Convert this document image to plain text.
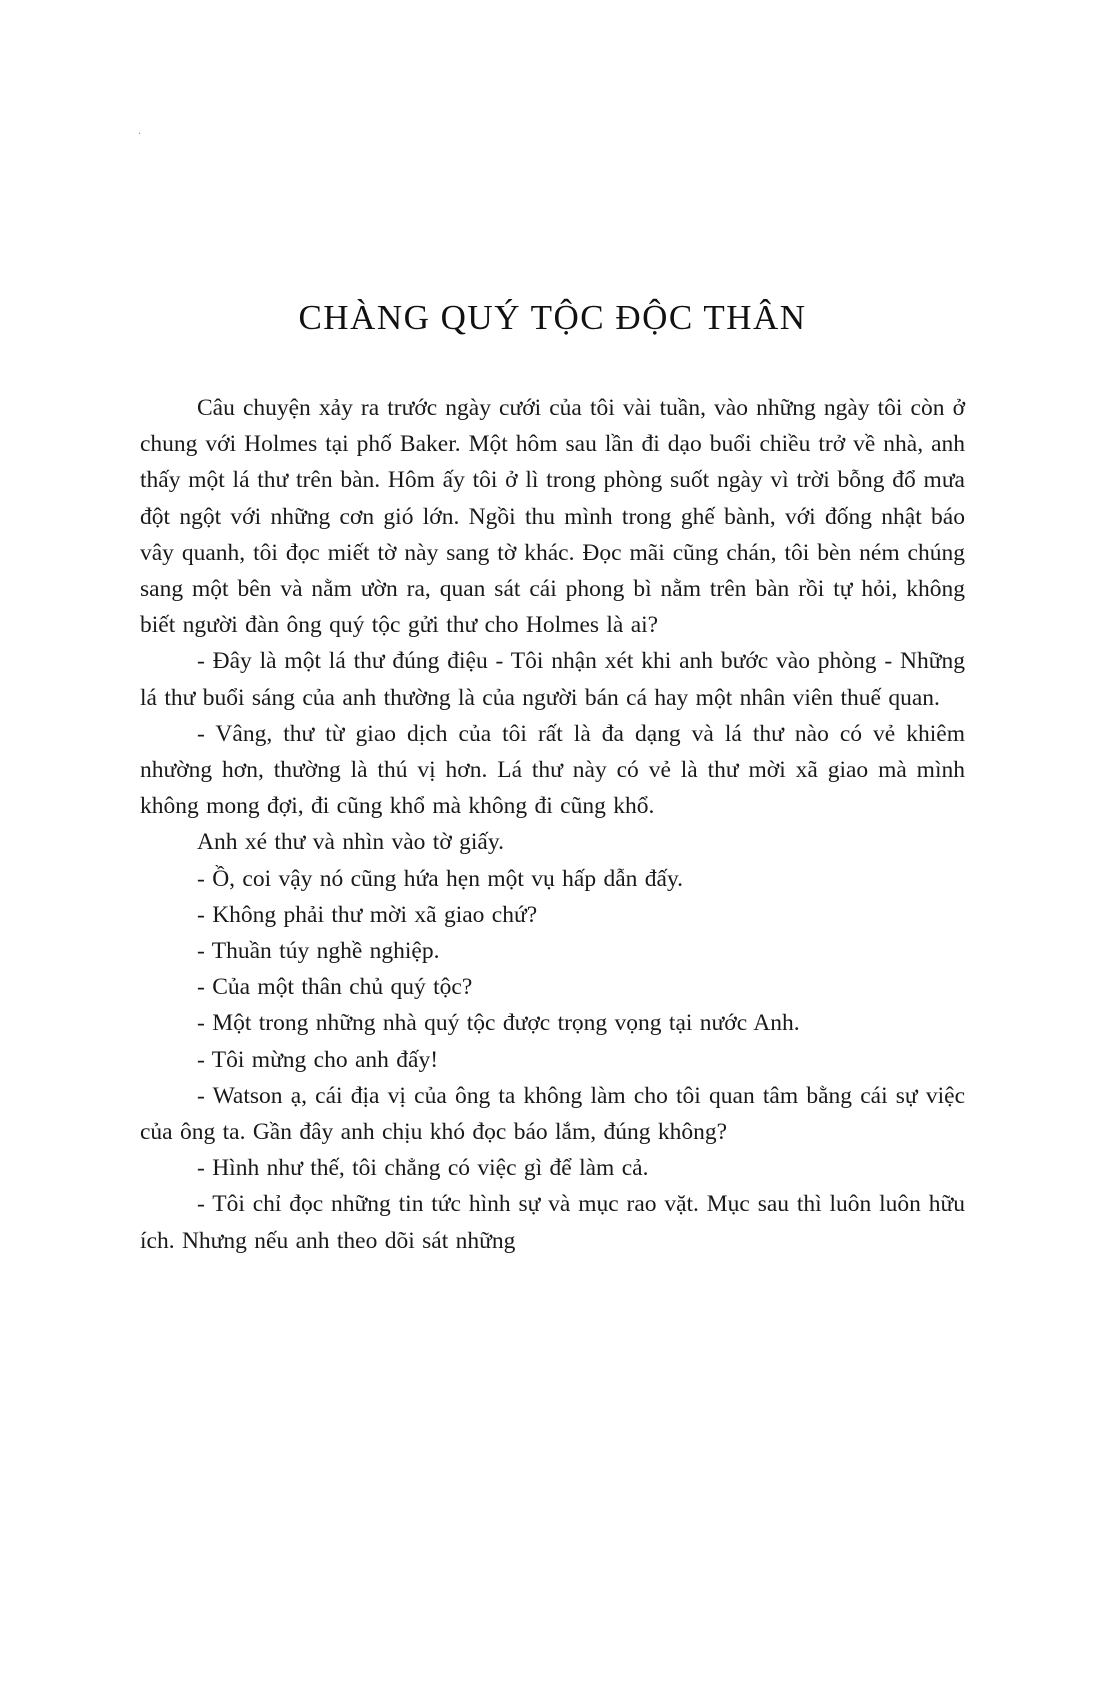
.
CHÀNG QUÝ TỘC ĐỘC THÂN

Câu chuyện xảy ra trước ngày cưới của tôi vài tuần, vào những ngày tôi còn ở chung với Holmes tại phố Baker. Một hôm sau lần đi dạo buổi chiều trở về nhà, anh thấy một lá thư trên bàn. Hôm ấy tôi ở lì trong phòng suốt ngày vì trời bỗng đổ mưa đột ngột với những cơn gió lớn. Ngồi thu mình trong ghế bành, với đống nhật báo vây quanh, tôi đọc miết tờ này sang tờ khác. Đọc mãi cũng chán, tôi bèn ném chúng sang một bên và nằm ườn ra, quan sát cái phong bì nằm trên bàn rồi tự hỏi, không biết người đàn ông quý tộc gửi thư cho Holmes là ai?

- Đây là một lá thư đúng điệu - Tôi nhận xét khi anh bước vào phòng - Những lá thư buổi sáng của anh thường là của người bán cá hay một nhân viên thuế quan.

- Vâng, thư từ giao dịch của tôi rất là đa dạng và lá thư nào có vẻ khiêm nhường hơn, thường là thú vị hơn. Lá thư này có vẻ là thư mời xã giao mà mình không mong đợi, đi cũng khổ mà không đi cũng khổ.

Anh xé thư và nhìn vào tờ giấy.

- Ồ, coi vậy nó cũng hứa hẹn một vụ hấp dẫn đấy.

- Không phải thư mời xã giao chứ?

- Thuần túy nghề nghiệp.

- Của một thân chủ quý tộc?

- Một trong những nhà quý tộc được trọng vọng tại nước Anh.

- Tôi mừng cho anh đấy!

- Watson ạ, cái địa vị của ông ta không làm cho tôi quan tâm bằng cái sự việc của ông ta. Gần đây anh chịu khó đọc báo lắm, đúng không?

- Hình như thế, tôi chẳng có việc gì để làm cả.

- Tôi chỉ đọc những tin tức hình sự và mục rao vặt. Mục sau thì luôn luôn hữu ích. Nhưng nếu anh theo dõi sát những
